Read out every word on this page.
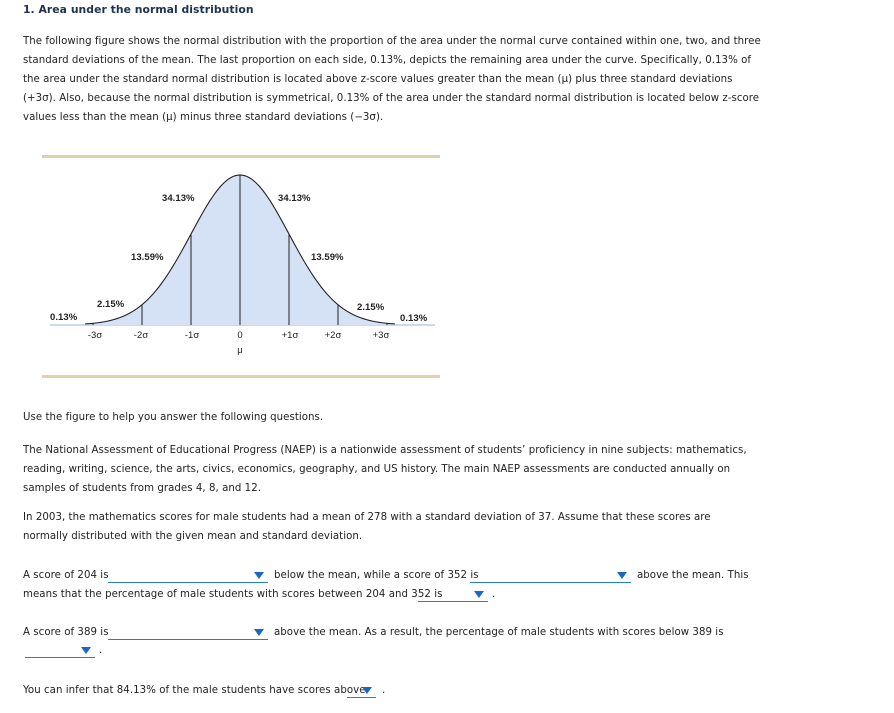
1. Area under the normal distribution
The following figure shows the normal distribution with the proportion of the area under the normal curve contained within one, two, and three standard deviations of the mean. The last proportion on each side, 0.13%, depicts the remaining area under the curve. Specifically, 0.13% of the area under the standard normal distribution is located above z-score values greater than the mean (μ) plus three standard deviations (+3σ). Also, because the normal distribution is symmetrical, 0.13% of the area under the standard normal distribution is located below z-score values less than the mean (μ) minus three standard deviations (−3σ).
34.13%	34.13%
13.59%	13.59%
2.15%	2.15%
0.13%	0.13%
-3σ	-2σ	-1σ	0	+1σ	+2σ	+3σ
μ
Use the figure to help you answer the following questions.
The National Assessment of Educational Progress (NAEP) is a nationwide assessment of students’ proficiency in nine subjects: mathematics, reading, writing, science, the arts, civics, economics, geography, and US history. The main NAEP assessments are conducted annually on samples of students from grades 4, 8, and 12.
In 2003, the mathematics scores for male students had a mean of 278 with a standard deviation of 37. Assume that these scores are normally distributed with the given mean and standard deviation.
A score of 204 is	below the mean, while a score of 352 is	above the mean. This
means that the percentage of male students with scores between 204 and 352 is	.
A score of 389 is	above the mean. As a result, the percentage of male students with scores below 389 is
.
You can infer that 84.13% of the male students have scores above .
